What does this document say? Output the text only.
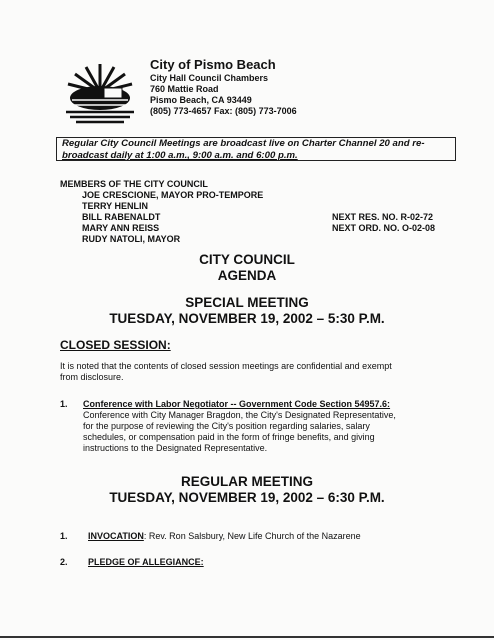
City of Pismo Beach
City Hall Council Chambers
760 Mattie Road
Pismo Beach, CA 93449
(805) 773-4657 Fax: (805) 773-7006
Regular City Council Meetings are broadcast live on Charter Channel 20 and re-
broadcast daily at 1:00 a.m., 9:00 a.m. and 6:00 p.m.
MEMBERS OF THE CITY COUNCIL
JOE CRESCIONE, MAYOR PRO-TEMPORE
TERRY HENLIN
BILL RABENALDT
MARY ANN REISS
RUDY NATOLI, MAYOR
NEXT RES. NO. R-02-72
NEXT ORD. NO. O-02-08
CITY COUNCIL
AGENDA
SPECIAL MEETING
TUESDAY, NOVEMBER 19, 2002 – 5:30 P.M.
CLOSED SESSION:
It is noted that the contents of closed session meetings are confidential and exempt
from disclosure.
1. Conference with Labor Negotiator -- Government Code Section 54957.6:
Conference with City Manager Bragdon, the City's Designated Representative,
for the purpose of reviewing the City's position regarding salaries, salary
schedules, or compensation paid in the form of fringe benefits, and giving
instructions to the Designated Representative.
REGULAR MEETING
TUESDAY, NOVEMBER 19, 2002 – 6:30 P.M.
1. INVOCATION: Rev. Ron Salsbury, New Life Church of the Nazarene
2. PLEDGE OF ALLEGIANCE:
